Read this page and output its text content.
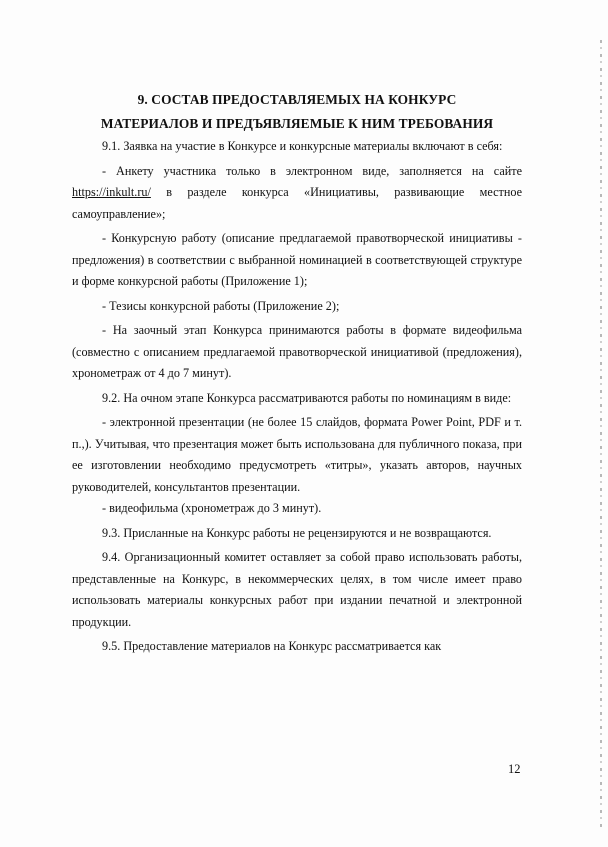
9. СОСТАВ ПРЕДОСТАВЛЯЕМЫХ НА КОНКУРС
МАТЕРИАЛОВ И ПРЕДЪЯВЛЯЕМЫЕ К НИМ ТРЕБОВАНИЯ

9.1. Заявка на участие в Конкурсе и конкурсные материалы включают в себя:

- Анкету участника только в электронном виде, заполняется на сайте https://inkult.ru/ в разделе конкурса «Инициативы, развивающие местное самоуправление»;

- Конкурсную работу (описание предлагаемой правотворческой инициативы - предложения) в соответствии с выбранной номинацией в соответствующей структуре и форме конкурсной работы (Приложение 1);

- Тезисы конкурсной работы (Приложение 2);

- На заочный этап Конкурса принимаются работы в формате видеофильма (совместно с описанием предлагаемой правотворческой инициативой (предложения), хронометраж от 4 до 7 минут).

9.2. На очном этапе Конкурса рассматриваются работы по номинациям в виде:

- электронной презентации (не более 15 слайдов, формата Power Point, PDF и т. п.,). Учитывая, что презентация может быть использована для публичного показа, при ее изготовлении необходимо предусмотреть «титры», указать авторов, научных руководителей, консультантов презентации.

- видеофильма (хронометраж до 3 минут).

9.3. Присланные на Конкурс работы не рецензируются и не возвращаются.

9.4. Организационный комитет оставляет за собой право использовать работы, представленные на Конкурс, в некоммерческих целях, в том числе имеет право использовать материалы конкурсных работ при издании печатной и электронной продукции.

9.5. Предоставление материалов на Конкурс рассматривается как

12
